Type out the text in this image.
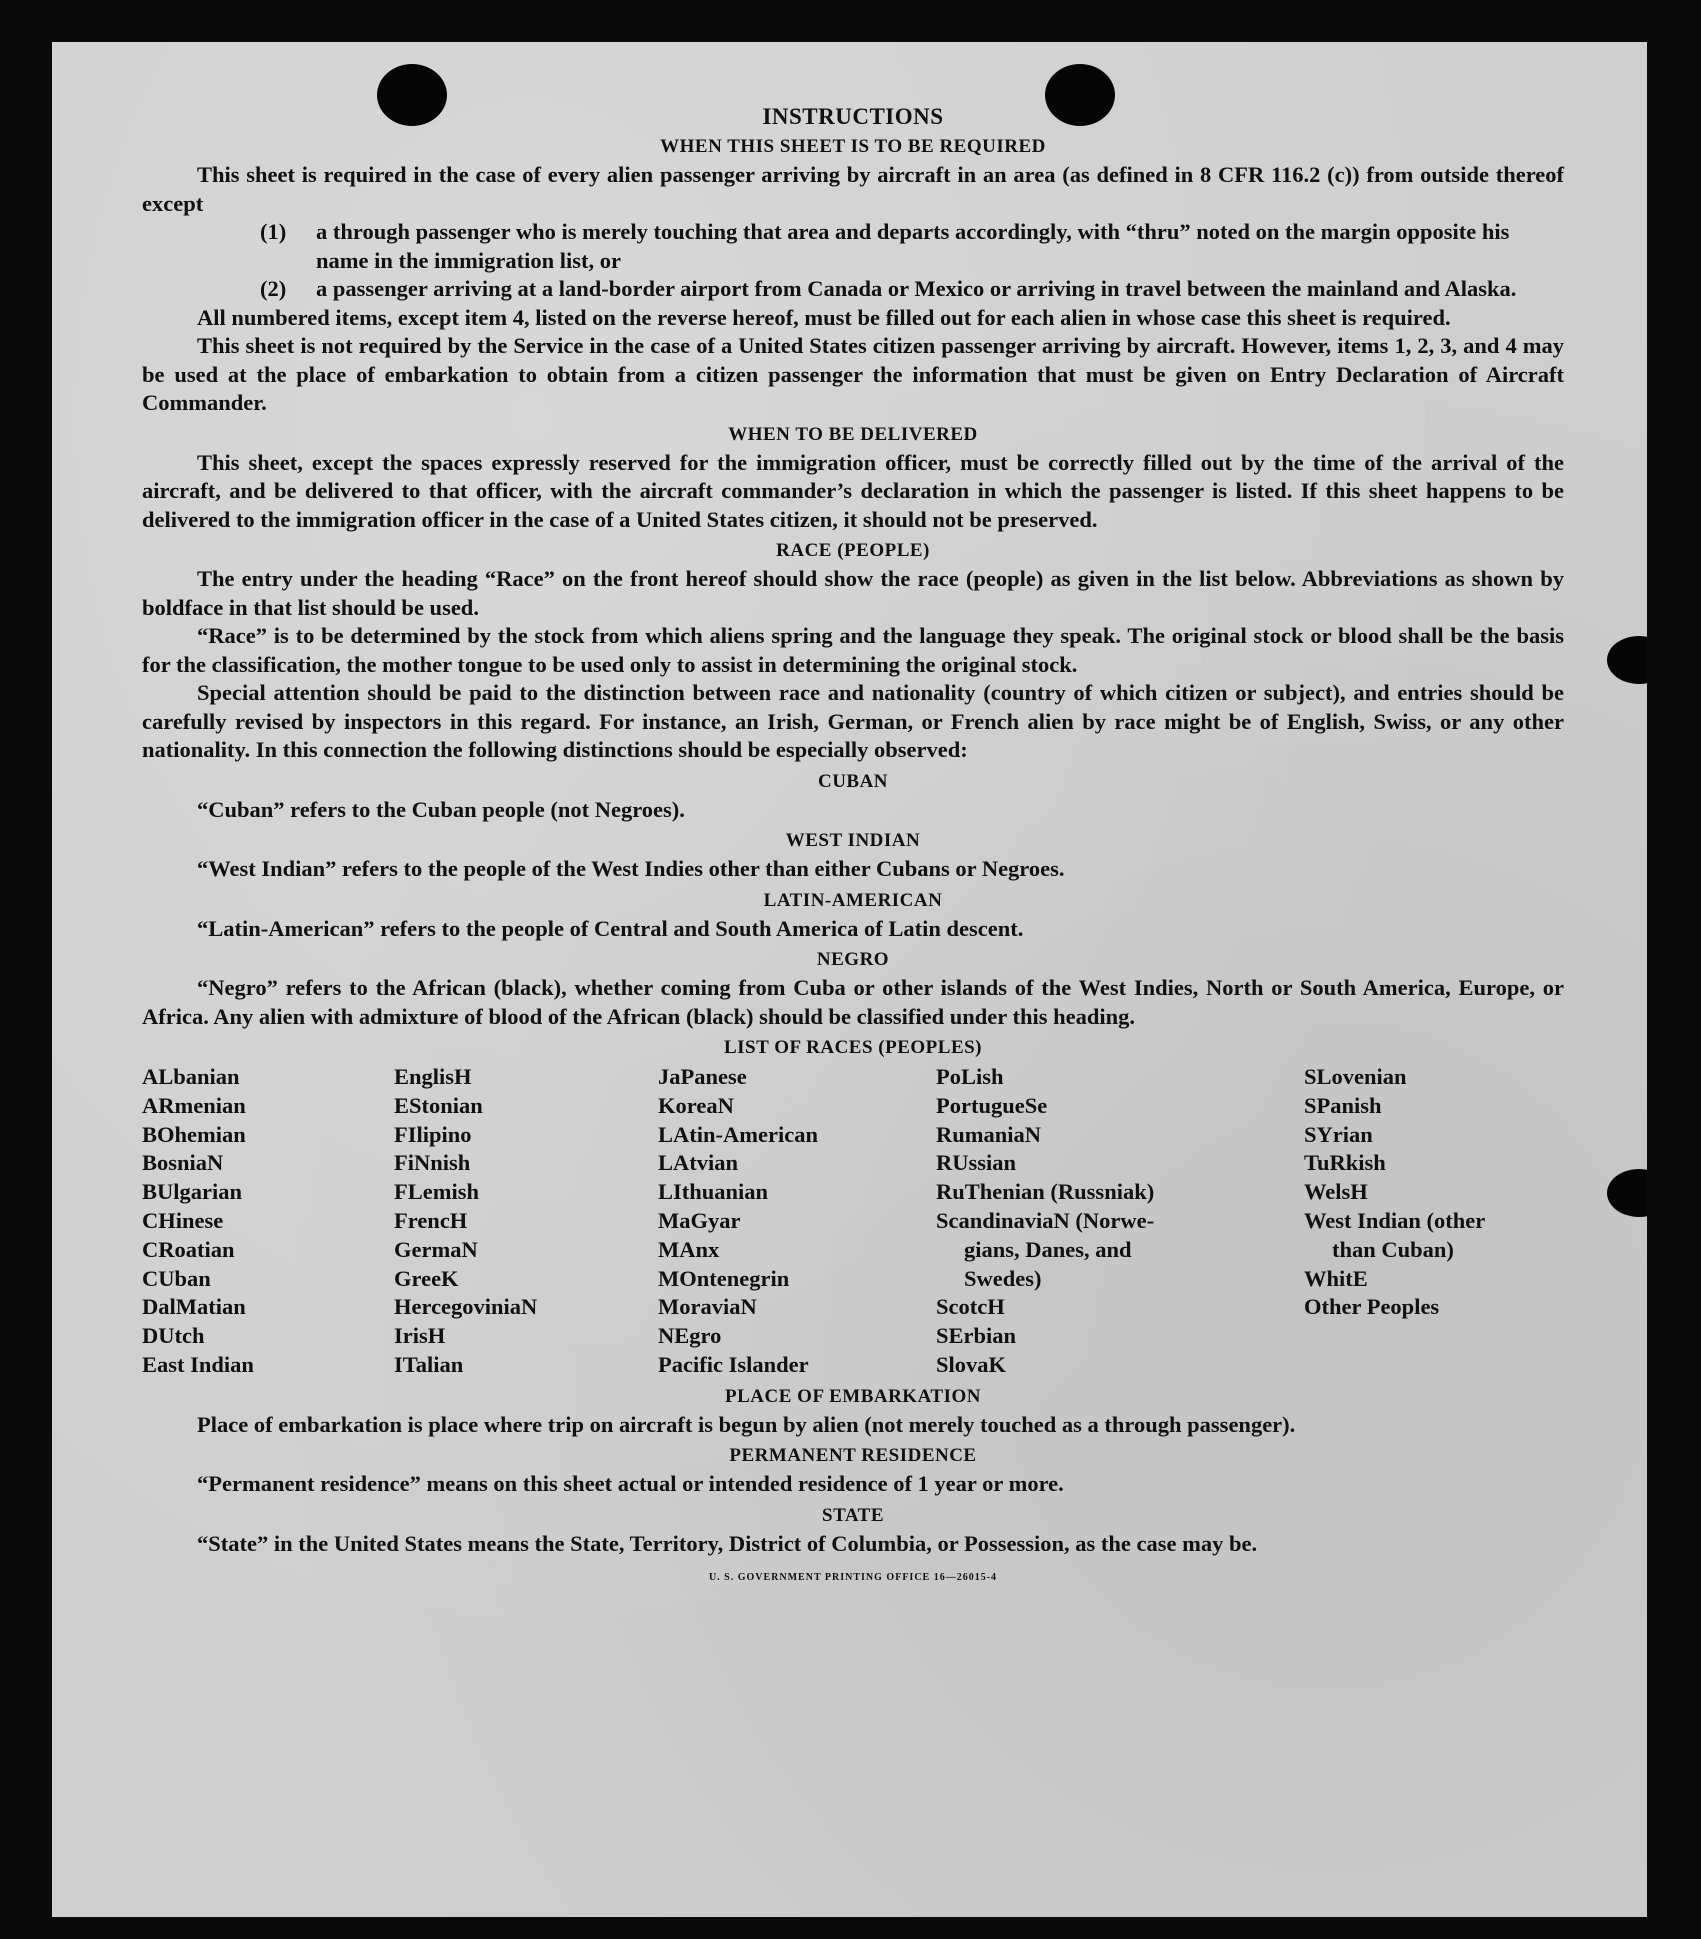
INSTRUCTIONS
WHEN THIS SHEET IS TO BE REQUIRED

This sheet is required in the case of every alien passenger arriving by aircraft in an area (as defined in 8 CFR 116.2 (c)) from outside thereof except

(1)	a through passenger who is merely touching that area and departs accordingly, with “thru” noted on the margin opposite his name in the immigration list, or
(2)	a passenger arriving at a land-border airport from Canada or Mexico or arriving in travel between the mainland and Alaska.

All numbered items, except item 4, listed on the reverse hereof, must be filled out for each alien in whose case this sheet is required.

This sheet is not required by the Service in the case of a United States citizen passenger arriving by aircraft. However, items 1, 2, 3, and 4 may be used at the place of embarkation to obtain from a citizen passenger the information that must be given on Entry Declaration of Aircraft Commander.

WHEN TO BE DELIVERED

This sheet, except the spaces expressly reserved for the immigration officer, must be correctly filled out by the time of the arrival of the aircraft, and be delivered to that officer, with the aircraft commander’s declaration in which the passenger is listed. If this sheet happens to be delivered to the immigration officer in the case of a United States citizen, it should not be preserved.

RACE (PEOPLE)

The entry under the heading “Race” on the front hereof should show the race (people) as given in the list below. Abbreviations as shown by boldface in that list should be used.

“Race” is to be determined by the stock from which aliens spring and the language they speak. The original stock or blood shall be the basis for the classification, the mother tongue to be used only to assist in determining the original stock.

Special attention should be paid to the distinction between race and nationality (country of which citizen or subject), and entries should be carefully revised by inspectors in this regard. For instance, an Irish, German, or French alien by race might be of English, Swiss, or any other nationality. In this connection the following distinctions should be especially observed:

CUBAN

“Cuban” refers to the Cuban people (not Negroes).

WEST INDIAN

“West Indian” refers to the people of the West Indies other than either Cubans or Negroes.

LATIN-AMERICAN

“Latin-American” refers to the people of Central and South America of Latin descent.

NEGRO

“Negro” refers to the African (black), whether coming from Cuba or other islands of the West Indies, North or South America, Europe, or Africa. Any alien with admixture of blood of the African (black) should be classified under this heading.

LIST OF RACES (PEOPLES)
ALbanian
ARmenian
BOhemian
BosniaN
BUlgarian
CHinese
CRoatian
CUban
DalMatian
DUtch
East Indian
EnglisH
EStonian
FIlipino
FiNnish
FLemish
FrencH
GermaN
GreeK
HercegoviniaN
IrisH
ITalian
JaPanese
KoreaN
LAtin-American
LAtvian
LIthuanian
MaGyar
MAnx
MOntenegrin
MoraviaN
NEgro
Pacific Islander
PoLish
PortugueSe
RumaniaN
RUssian
RuThenian (Russniak)
ScandinaviaN (Norwe-
gians, Danes, and
Swedes)
ScotcH
SErbian
SlovaK
SLovenian
SPanish
SYrian
TuRkish
WelsH
West Indian (other
than Cuban)
WhitE
Other Peoples
PLACE OF EMBARKATION

Place of embarkation is place where trip on aircraft is begun by alien (not merely touched as a through passenger).

PERMANENT RESIDENCE

“Permanent residence” means on this sheet actual or intended residence of 1 year or more.

STATE

“State” in the United States means the State, Territory, District of Columbia, or Possession, as the case may be.

U. S. GOVERNMENT PRINTING OFFICE 16—26015-4
